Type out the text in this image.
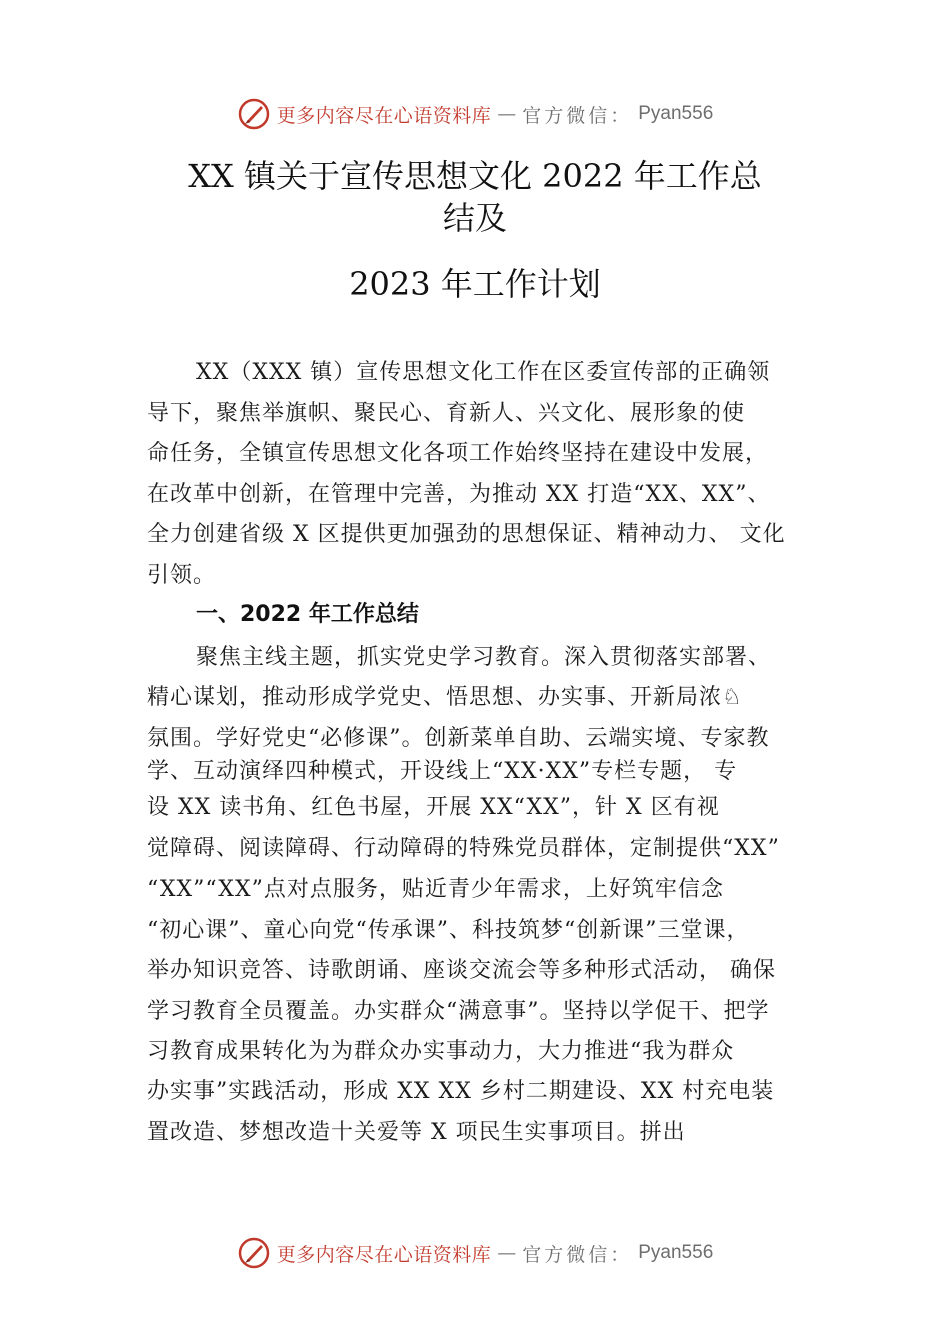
更多内容尽在心语资料库 — 官方微信： Pyan556
XX 镇关于宣传思想文化 2022 年工作总
结及
2023 年工作计划
XX（XXX 镇）宣传思想文化工作在区委宣传部的正确领
导下，聚焦举旗帜、聚民心、育新人、兴文化、展形象的使
命任务，全镇宣传思想文化各项工作始终坚持在建设中发展，
在改革中创新，在管理中完善，为推动 XX 打造“XX、XX”、
全力创建省级 X 区提供更加强劲的思想保证、精神动力、 文化
引领。
一、2022 年工作总结
聚焦主线主题，抓实党史学习教育。深入贯彻落实部署、
精心谋划，推动形成学党史、悟思想、办实事、开新局浓♘
氛围。学好党史“必修课”。创新菜单自助、云端实境、专家教
学、互动演绎四种模式，开设线上“XX·XX”专栏专题， 专
设 XX 读书角、红色书屋，开展 XX“XX”，针 X 区有视
觉障碍、阅读障碍、行动障碍的特殊党员群体，定制提供“XX”
“XX”“XX”点对点服务，贴近青少年需求，上好筑牢信念
“初心课”、童心向党“传承课”、科技筑梦“创新课”三堂课，
举办知识竞答、诗歌朗诵、座谈交流会等多种形式活动， 确保
学习教育全员覆盖。办实群众“满意事”。坚持以学促干、把学
习教育成果转化为为群众办实事动力，大力推进“我为群众
办实事”实践活动，形成 XX XX 乡村二期建设、XX 村充电装
置改造、梦想改造十关爱等 X 项民生实事项目。拼出
更多内容尽在心语资料库 — 官方微信： Pyan556
